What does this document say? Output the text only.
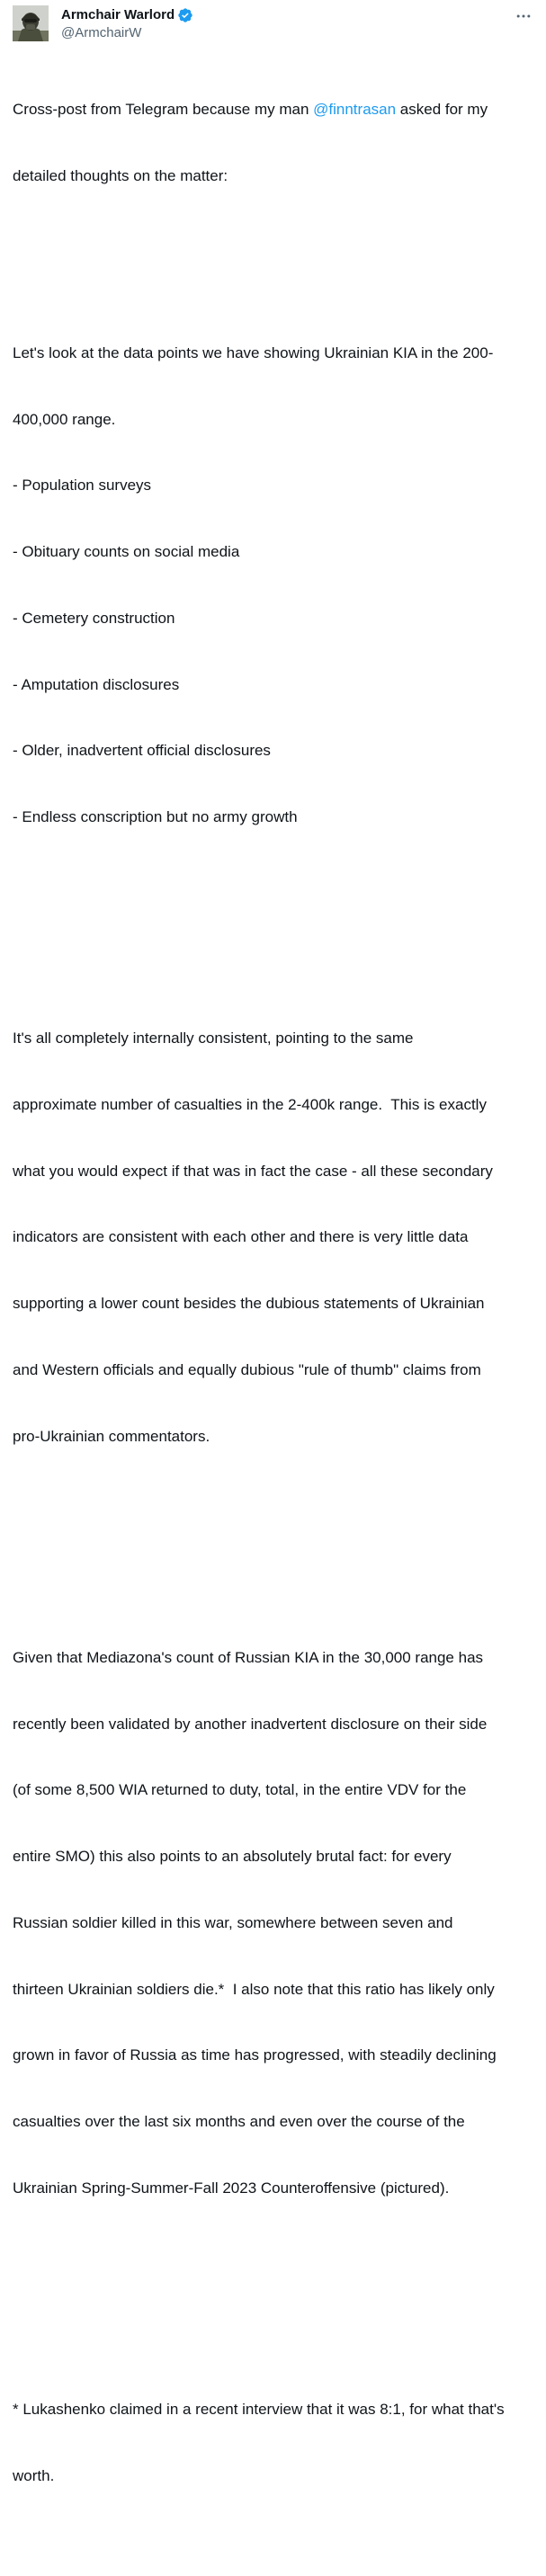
Armchair Warlord
@ArmchairW

Cross-post from Telegram because my man @finntrasan asked for my

detailed thoughts on the matter:

Let's look at the data points we have showing Ukrainian KIA in the 200-

400,000 range.

- Population surveys

- Obituary counts on social media

- Cemetery construction

- Amputation disclosures

- Older, inadvertent official disclosures

- Endless conscription but no army growth

It's all completely internally consistent, pointing to the same

approximate number of casualties in the 2-400k range.  This is exactly

what you would expect if that was in fact the case - all these secondary

indicators are consistent with each other and there is very little data

supporting a lower count besides the dubious statements of Ukrainian

and Western officials and equally dubious "rule of thumb" claims from

pro-Ukrainian commentators.

Given that Mediazona's count of Russian KIA in the 30,000 range has

recently been validated by another inadvertent disclosure on their side

(of some 8,500 WIA returned to duty, total, in the entire VDV for the

entire SMO) this also points to an absolutely brutal fact: for every

Russian soldier killed in this war, somewhere between seven and

thirteen Ukrainian soldiers die.*  I also note that this ratio has likely only

grown in favor of Russia as time has progressed, with steadily declining

casualties over the last six months and even over the course of the

Ukrainian Spring-Summer-Fall 2023 Counteroffensive (pictured).

* Lukashenko claimed in a recent interview that it was 8:1, for what that's

worth.
